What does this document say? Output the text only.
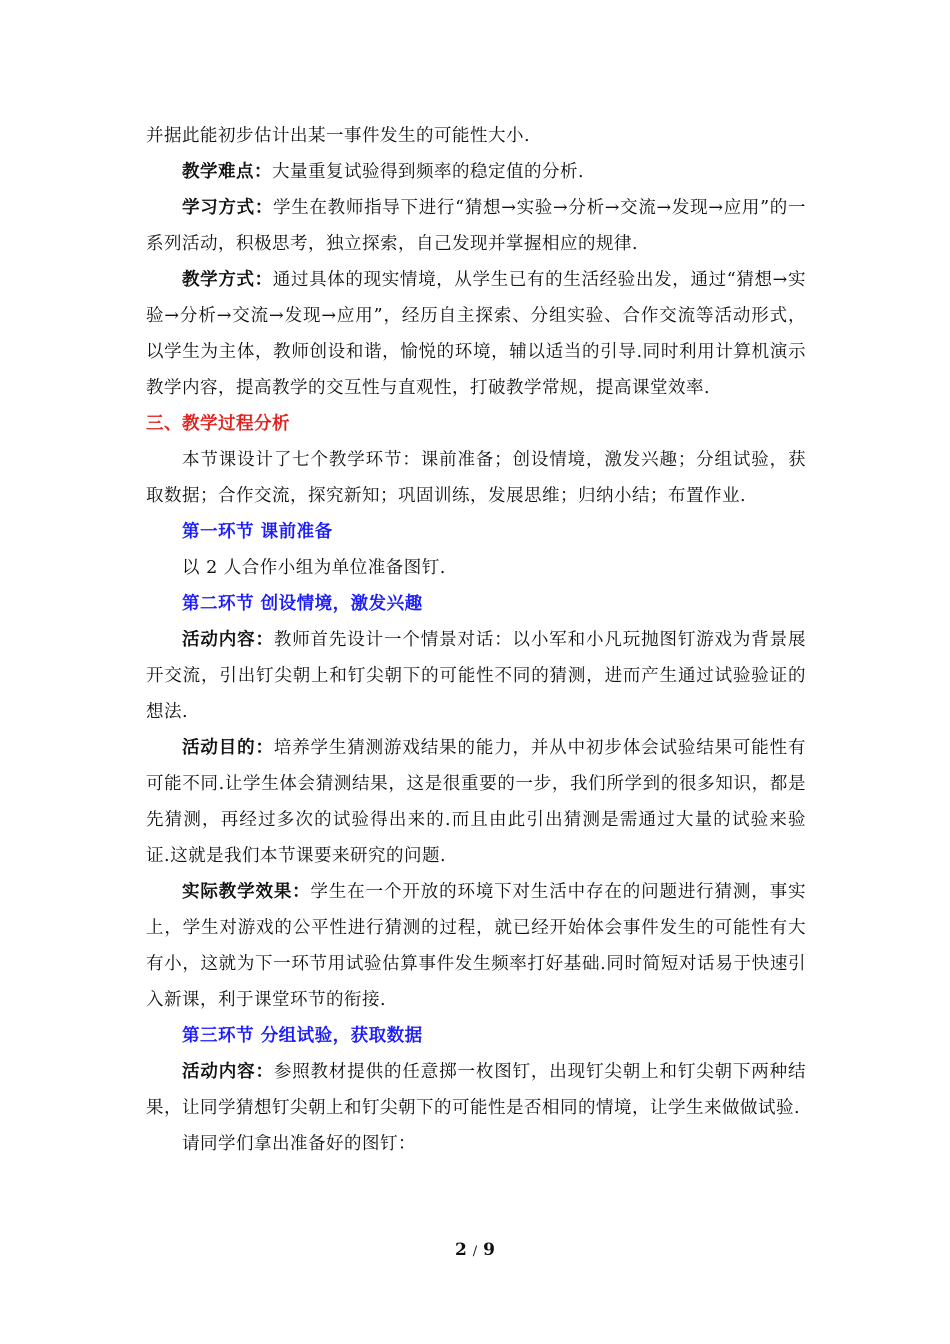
并据此能初步估计出某一事件发生的可能性大小.

教学难点：大量重复试验得到频率的稳定值的分析.

学习方式：学生在教师指导下进行“猜想→实验→分析→交流→发现→应用”的一系列活动，积极思考，独立探索，自己发现并掌握相应的规律.

教学方式：通过具体的现实情境，从学生已有的生活经验出发，通过“猜想→实验→分析→交流→发现→应用”，经历自主探索、分组实验、合作交流等活动形式，以学生为主体，教师创设和谐，愉悦的环境，辅以适当的引导.同时利用计算机演示教学内容，提高教学的交互性与直观性，打破教学常规，提高课堂效率.

三、教学过程分析

本节课设计了七个教学环节：课前准备；创设情境，激发兴趣；分组试验，获取数据；合作交流，探究新知；巩固训练，发展思维；归纳小结；布置作业.

第一环节 课前准备

以 2 人合作小组为单位准备图钉.

第二环节 创设情境，激发兴趣

活动内容：教师首先设计一个情景对话：以小军和小凡玩抛图钉游戏为背景展开交流，引出钉尖朝上和钉尖朝下的可能性不同的猜测，进而产生通过试验验证的想法.

活动目的：培养学生猜测游戏结果的能力，并从中初步体会试验结果可能性有可能不同.让学生体会猜测结果，这是很重要的一步，我们所学到的很多知识，都是先猜测，再经过多次的试验得出来的.而且由此引出猜测是需通过大量的试验来验证.这就是我们本节课要来研究的问题.

实际教学效果：学生在一个开放的环境下对生活中存在的问题进行猜测，事实上，学生对游戏的公平性进行猜测的过程，就已经开始体会事件发生的可能性有大有小，这就为下一环节用试验估算事件发生频率打好基础.同时简短对话易于快速引入新课，利于课堂环节的衔接.

第三环节 分组试验，获取数据

活动内容：参照教材提供的任意掷一枚图钉，出现钉尖朝上和钉尖朝下两种结果，让同学猜想钉尖朝上和钉尖朝下的可能性是否相同的情境，让学生来做做试验.

请同学们拿出准备好的图钉：

2 / 9
